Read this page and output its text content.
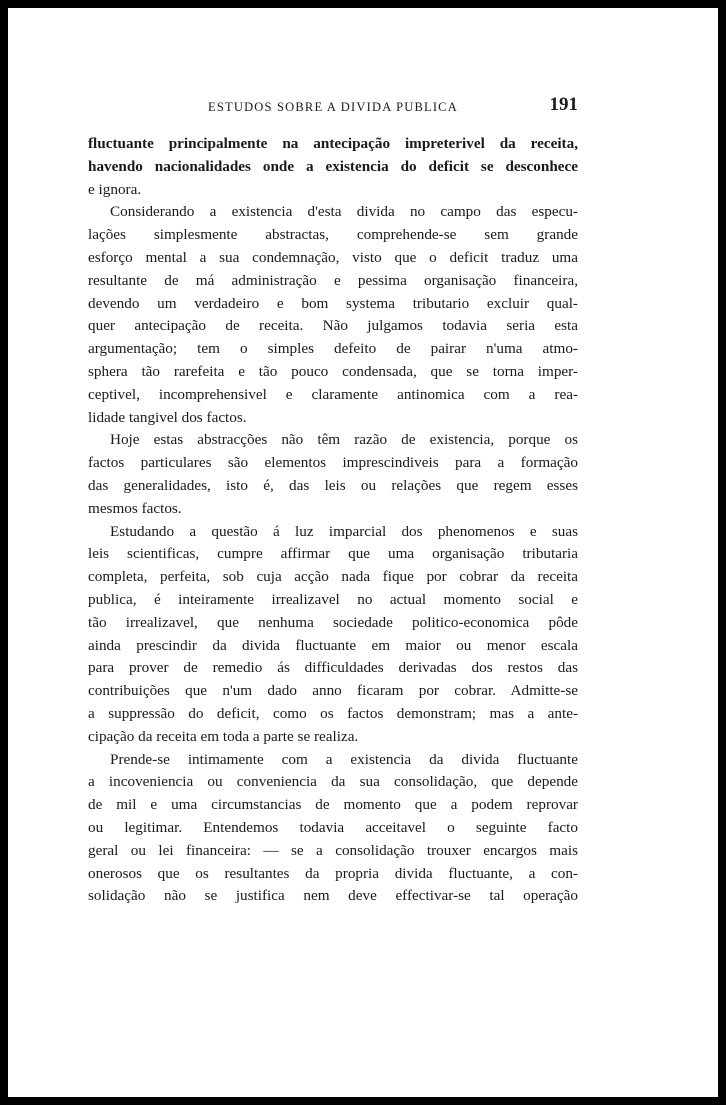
ESTUDOS SOBRE A DIVIDA PUBLICA	191
fluctuante principalmente na antecipação impreterivel da receita,
havendo nacionalidades onde a existencia do deficit se desconhece
e ignora.
Considerando a existencia d'esta divida no campo das especu-
lações simplesmente abstractas, comprehende-se sem grande
esforço mental a sua condemnação, visto que o deficit traduz uma
resultante de má administração e pessima organisação financeira,
devendo um verdadeiro e bom systema tributario excluir qual-
quer antecipação de receita. Não julgamos todavia seria esta
argumentação; tem o simples defeito de pairar n'uma atmo-
sphera tão rarefeita e tão pouco condensada, que se torna imper-
ceptivel, incomprehensivel e claramente antinomica com a rea-
lidade tangivel dos factos.
Hoje estas abstracções não têm razão de existencia, porque os
factos particulares são elementos imprescindiveis para a formação
das generalidades, isto é, das leis ou relações que regem esses
mesmos factos.
Estudando a questão á luz imparcial dos phenomenos e suas
leis scientificas, cumpre affirmar que uma organisação tributaria
completa, perfeita, sob cuja acção nada fique por cobrar da receita
publica, é inteiramente irrealizavel no actual momento social e
tão irrealizavel, que nenhuma sociedade politico-economica pôde
ainda prescindir da divida fluctuante em maior ou menor escala
para prover de remedio ás difficuldades derivadas dos restos das
contribuições que n'um dado anno ficaram por cobrar. Admitte-se
a suppressão do deficit, como os factos demonstram; mas a ante-
cipação da receita em toda a parte se realiza.
Prende-se intimamente com a existencia da divida fluctuante
a incoveniencia ou conveniencia da sua consolidação, que depende
de mil e uma circumstancias de momento que a podem reprovar
ou legitimar. Entendemos todavia acceitavel o seguinte facto
geral ou lei financeira: — se a consolidação trouxer encargos mais
onerosos que os resultantes da propria divida fluctuante, a con-
solidação não se justifica nem deve effectivar-se tal operação
